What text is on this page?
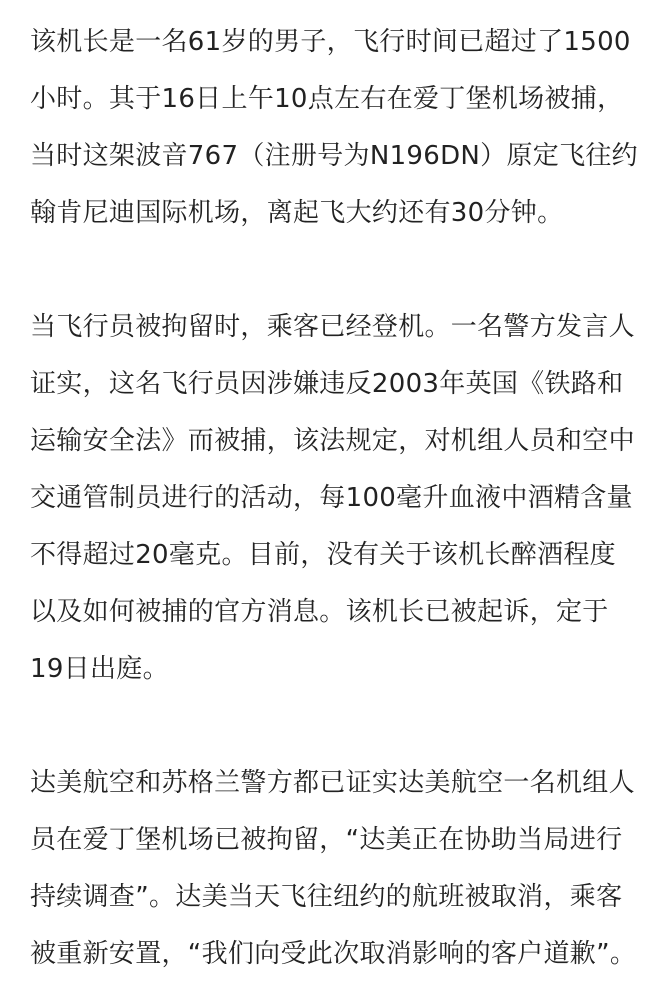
该机长是一名61岁的男子，飞行时间已超过了1500
小时。其于16日上午10点左右在爱丁堡机场被捕，
当时这架波音767（注册号为N196DN）原定飞往约
翰肯尼迪国际机场，离起飞大约还有30分钟。
当飞行员被拘留时，乘客已经登机。一名警方发言人
证实，这名飞行员因涉嫌违反2003年英国《铁路和
运输安全法》而被捕，该法规定，对机组人员和空中
交通管制员进行的活动，每100毫升血液中酒精含量
不得超过20毫克。目前，没有关于该机长醉酒程度
以及如何被捕的官方消息。该机长已被起诉，定于
19日出庭。
达美航空和苏格兰警方都已证实达美航空一名机组人
员在爱丁堡机场已被拘留，“达美正在协助当局进行
持续调查”。达美当天飞往纽约的航班被取消，乘客
被重新安置，“我们向受此次取消影响的客户道歉”。
